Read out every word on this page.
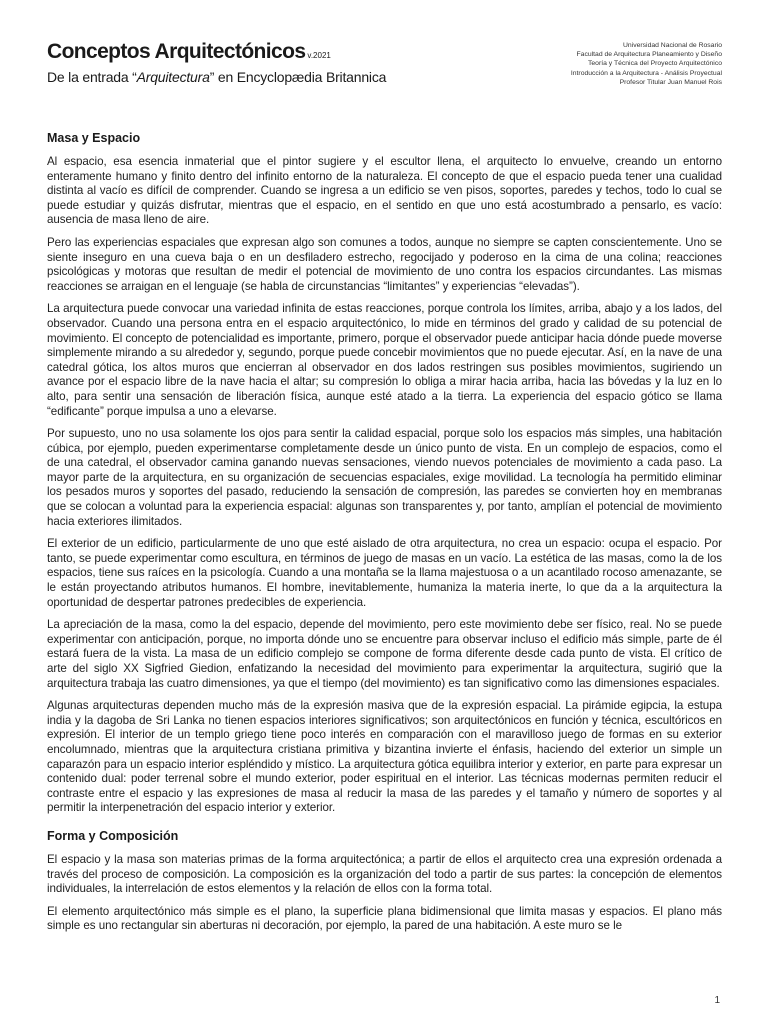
Conceptos Arquitectónicos v.2021
De la entrada “Arquitectura” en Encyclopædia Britannica
Universidad Nacional de Rosario
Facultad de Arquitectura Planeamiento y Diseño
Teoría y Técnica del Proyecto Arquitectónico
Introducción a la Arquitectura - Análisis Proyectual
Profesor Titular Juan Manuel Rois
Masa y Espacio

Al espacio, esa esencia inmaterial que el pintor sugiere y el escultor llena, el arquitecto lo envuelve, creando un entorno enteramente humano y finito dentro del infinito entorno de la naturaleza. El concepto de que el espacio pueda tener una cualidad distinta al vacío es difícil de comprender. Cuando se ingresa a un edificio se ven pisos, soportes, paredes y techos, todo lo cual se puede estudiar y quizás disfrutar, mientras que el espacio, en el sentido en que uno está acostumbrado a pensarlo, es vacío: ausencia de masa lleno de aire.

Pero las experiencias espaciales que expresan algo son comunes a todos, aunque no siempre se capten conscientemente. Uno se siente inseguro en una cueva baja o en un desfiladero estrecho, regocijado y poderoso en la cima de una colina; reacciones psicológicas y motoras que resultan de medir el potencial de movimiento de uno contra los espacios circundantes. Las mismas reacciones se arraigan en el lenguaje (se habla de circunstancias “limitantes” y experiencias “elevadas”).

La arquitectura puede convocar una variedad infinita de estas reacciones, porque controla los límites, arriba, abajo y a los lados, del observador. Cuando una persona entra en el espacio arquitectónico, lo mide en términos del grado y calidad de su potencial de movimiento. El concepto de potencialidad es importante, primero, porque el observador puede anticipar hacia dónde puede moverse simplemente mirando a su alrededor y, segundo, porque puede concebir movimientos que no puede ejecutar. Así, en la nave de una catedral gótica, los altos muros que encierran al observador en dos lados restringen sus posibles movimientos, sugiriendo un avance por el espacio libre de la nave hacia el altar; su compresión lo obliga a mirar hacia arriba, hacia las bóvedas y la luz en lo alto, para sentir una sensación de liberación física, aunque esté atado a la tierra. La experiencia del espacio gótico se llama “edificante” porque impulsa a uno a elevarse.

Por supuesto, uno no usa solamente los ojos para sentir la calidad espacial, porque solo los espacios más simples, una habitación cúbica, por ejemplo, pueden experimentarse completamente desde un único punto de vista. En un complejo de espacios, como el de una catedral, el observador camina ganando nuevas sensaciones, viendo nuevos potenciales de movimiento a cada paso. La mayor parte de la arquitectura, en su organización de secuencias espaciales, exige movilidad. La tecnología ha permitido eliminar los pesados muros y soportes del pasado, reduciendo la sensación de compresión, las paredes se convierten hoy en membranas que se colocan a voluntad para la experiencia espacial: algunas son transparentes y, por tanto, amplían el potencial de movimiento hacia exteriores ilimitados.

El exterior de un edificio, particularmente de uno que esté aislado de otra arquitectura, no crea un espacio: ocupa el espacio. Por tanto, se puede experimentar como escultura, en términos de juego de masas en un vacío. La estética de las masas, como la de los espacios, tiene sus raíces en la psicología. Cuando a una montaña se la llama majestuosa o a un acantilado rocoso amenazante, se le están proyectando atributos humanos. El hombre, inevitablemente, humaniza la materia inerte, lo que da a la arquitectura la oportunidad de despertar patrones predecibles de experiencia.

La apreciación de la masa, como la del espacio, depende del movimiento, pero este movimiento debe ser físico, real. No se puede experimentar con anticipación, porque, no importa dónde uno se encuentre para observar incluso el edificio más simple, parte de él estará fuera de la vista. La masa de un edificio complejo se compone de forma diferente desde cada punto de vista. El crítico de arte del siglo XX Sigfried Giedion, enfatizando la necesidad del movimiento para experimentar la arquitectura, sugirió que la arquitectura trabaja las cuatro dimensiones, ya que el tiempo (del movimiento) es tan significativo como las dimensiones espaciales.

Algunas arquitecturas dependen mucho más de la expresión masiva que de la expresión espacial. La pirámide egipcia, la estupa india y la dagoba de Sri Lanka no tienen espacios interiores significativos; son arquitectónicos en función y técnica, escultóricos en expresión. El interior de un templo griego tiene poco interés en comparación con el maravilloso juego de formas en su exterior encolumnado, mientras que la arquitectura cristiana primitiva y bizantina invierte el énfasis, haciendo del exterior un simple un caparazón para un espacio interior espléndido y místico. La arquitectura gótica equilibra interior y exterior, en parte para expresar un contenido dual: poder terrenal sobre el mundo exterior, poder espiritual en el interior. Las técnicas modernas permiten reducir el contraste entre el espacio y las expresiones de masa al reducir la masa de las paredes y el tamaño y número de soportes y al permitir la interpenetración del espacio interior y exterior.

Forma y Composición

El espacio y la masa son materias primas de la forma arquitectónica; a partir de ellos el arquitecto crea una expresión ordenada a través del proceso de composición. La composición es la organización del todo a partir de sus partes: la concepción de elementos individuales, la interrelación de estos elementos y la relación de ellos con la forma total.

El elemento arquitectónico más simple es el plano, la superficie plana bidimensional que limita masas y espacios. El plano más simple es uno rectangular sin aberturas ni decoración, por ejemplo, la pared de una habitación. A este muro se le

1
